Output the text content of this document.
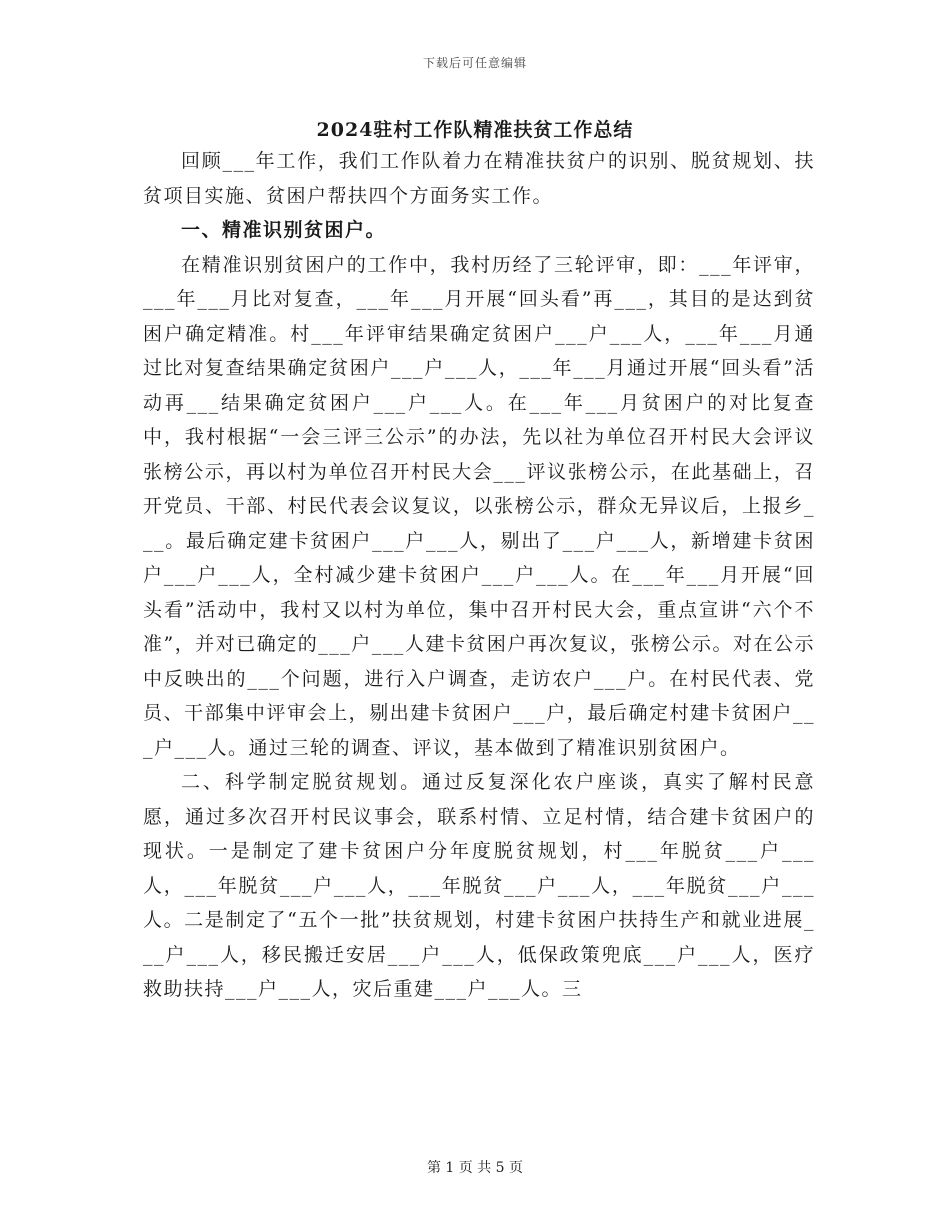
下载后可任意编辑
2024驻村工作队精准扶贫工作总结

回顾___年工作，我们工作队着力在精准扶贫户的识别、脱贫规划、扶贫项目实施、贫困户帮扶四个方面务实工作。

一、精准识别贫困户。

在精准识别贫困户的工作中，我村历经了三轮评审，即：___年评审，___年___月比对复查，___年___月开展“回头看”再___，其目的是达到贫困户确定精准。村___年评审结果确定贫困户___户___人，___年___月通过比对复查结果确定贫困户___户___人，___年___月通过开展“回头看”活动再___结果确定贫困户___户___人。在___年___月贫困户的对比复查中，我村根据“一会三评三公示”的办法，先以社为单位召开村民大会评议张榜公示，再以村为单位召开村民大会___评议张榜公示，在此基础上，召开党员、干部、村民代表会议复议，以张榜公示，群众无异议后，上报乡___。最后确定建卡贫困户___户___人，剔出了___户___人，新增建卡贫困户___户___人，全村减少建卡贫困户___户___人。在___年___月开展“回头看”活动中，我村又以村为单位，集中召开村民大会，重点宣讲“六个不准”，并对已确定的___户___人建卡贫困户再次复议，张榜公示。对在公示中反映出的___个问题，进行入户调查，走访农户___户。在村民代表、党员、干部集中评审会上，剔出建卡贫困户___户，最后确定村建卡贫困户___户___人。通过三轮的调查、评议，基本做到了精准识别贫困户。

二、科学制定脱贫规划。通过反复深化农户座谈，真实了解村民意愿，通过多次召开村民议事会，联系村情、立足村情，结合建卡贫困户的现状。一是制定了建卡贫困户分年度脱贫规划，村___年脱贫___户___人，___年脱贫___户___人，___年脱贫___户___人，___年脱贫___户___人。二是制定了“五个一批”扶贫规划，村建卡贫困户扶持生产和就业进展___户___人，移民搬迁安居___户___人，低保政策兜底___户___人，医疗救助扶持___户___人，灾后重建___户___人。三

第 1 页 共 5 页
